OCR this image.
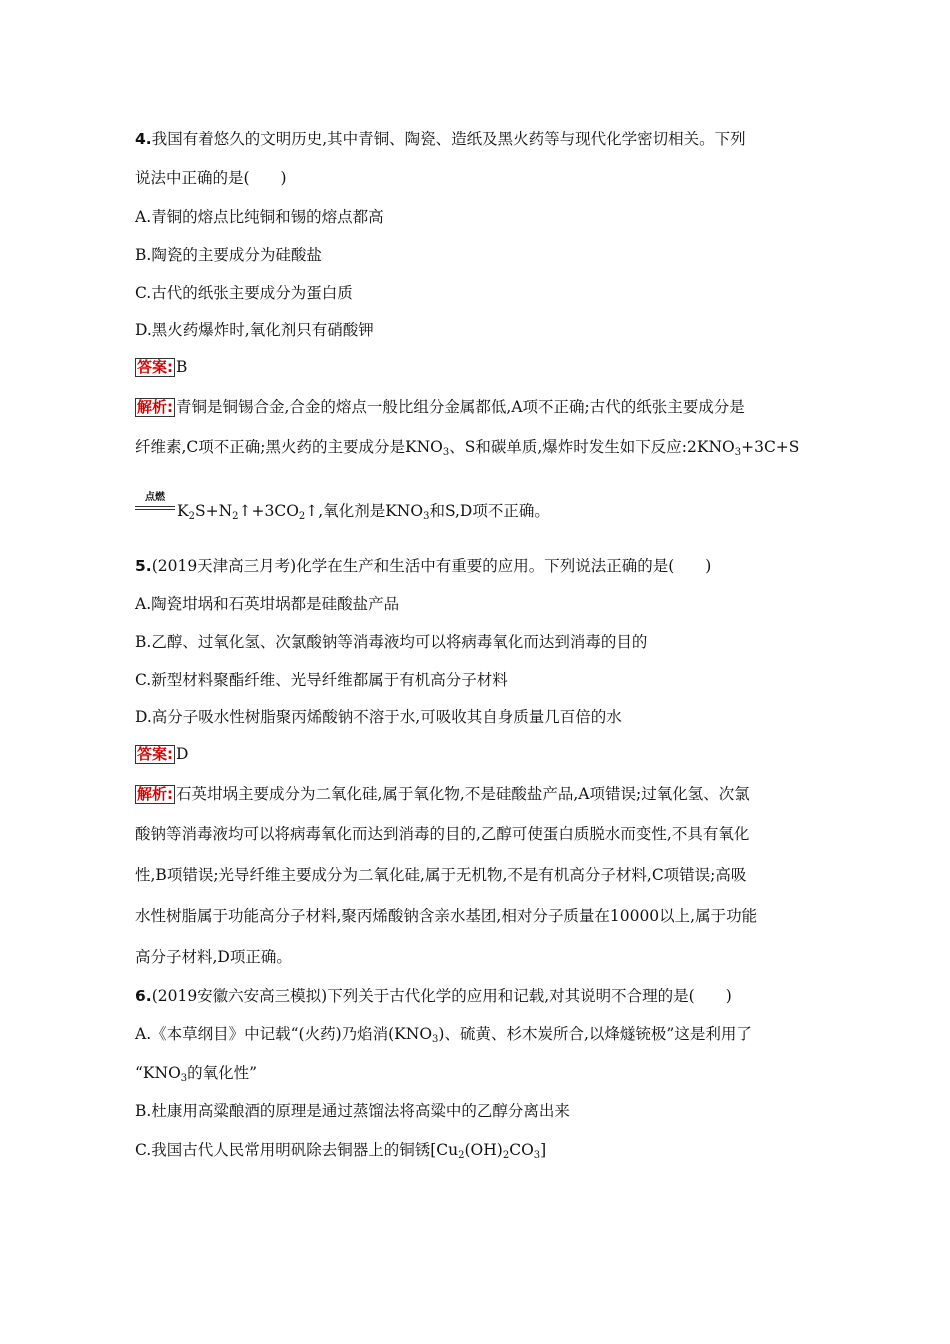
4.我国有着悠久的文明历史,其中青铜、陶瓷、造纸及黑火药等与现代化学密切相关。下列
说法中正确的是(　　)
A.青铜的熔点比纯铜和锡的熔点都高
B.陶瓷的主要成分为硅酸盐
C.古代的纸张主要成分为蛋白质
D.黑火药爆炸时,氧化剂只有硝酸钾
答案: B
解析: 青铜是铜锡合金,合金的熔点一般比组分金属都低,A项不正确;古代的纸张主要成分是
纤维素,C项不正确;黑火药的主要成分是$KNO_3$、S和碳单质,爆炸时发生如下反应$:2KNO_3+3C+S$
点燃
$K_2S+N_2↑+3CO_2↑$,氧化剂是$KNO_3$和S,D项不正确。
5.(2019天津高三月考)化学在生产和生活中有重要的应用。下列说法正确的是(　　)
A.陶瓷坩埚和石英坩埚都是硅酸盐产品
B.乙醇、过氧化氢、次氯酸钠等消毒液均可以将病毒氧化而达到消毒的目的
C.新型材料聚酯纤维、光导纤维都属于有机高分子材料
D.高分子吸水性树脂聚丙烯酸钠不溶于水,可吸收其自身质量几百倍的水
答案: D
解析: 石英坩埚主要成分为二氧化硅,属于氧化物,不是硅酸盐产品,A项错误;过氧化氢、次氯
酸钠等消毒液均可以将病毒氧化而达到消毒的目的,乙醇可使蛋白质脱水而变性,不具有氧化
性,B项错误;光导纤维主要成分为二氧化硅,属于无机物,不是有机高分子材料,C项错误;高吸
水性树脂属于功能高分子材料,聚丙烯酸钠含亲水基团,相对分子质量在10000以上,属于功能
高分子材料,D项正确。
6.(2019安徽六安高三模拟)下列关于古代化学的应用和记载,对其说明不合理的是(　　)
A.《本草纲目》中记载“(火药)乃焰消$(KNO_3)$、硫黄、杉木炭所合,以烽燧铳极”这是利用了
“$KNO_3$的氧化性”
B.杜康用高粱酿酒的原理是通过蒸馏法将高粱中的乙醇分离出来
C.我国古代人民常用明矾除去铜器上的铜锈$[Cu_2(OH)_2CO_3]$
